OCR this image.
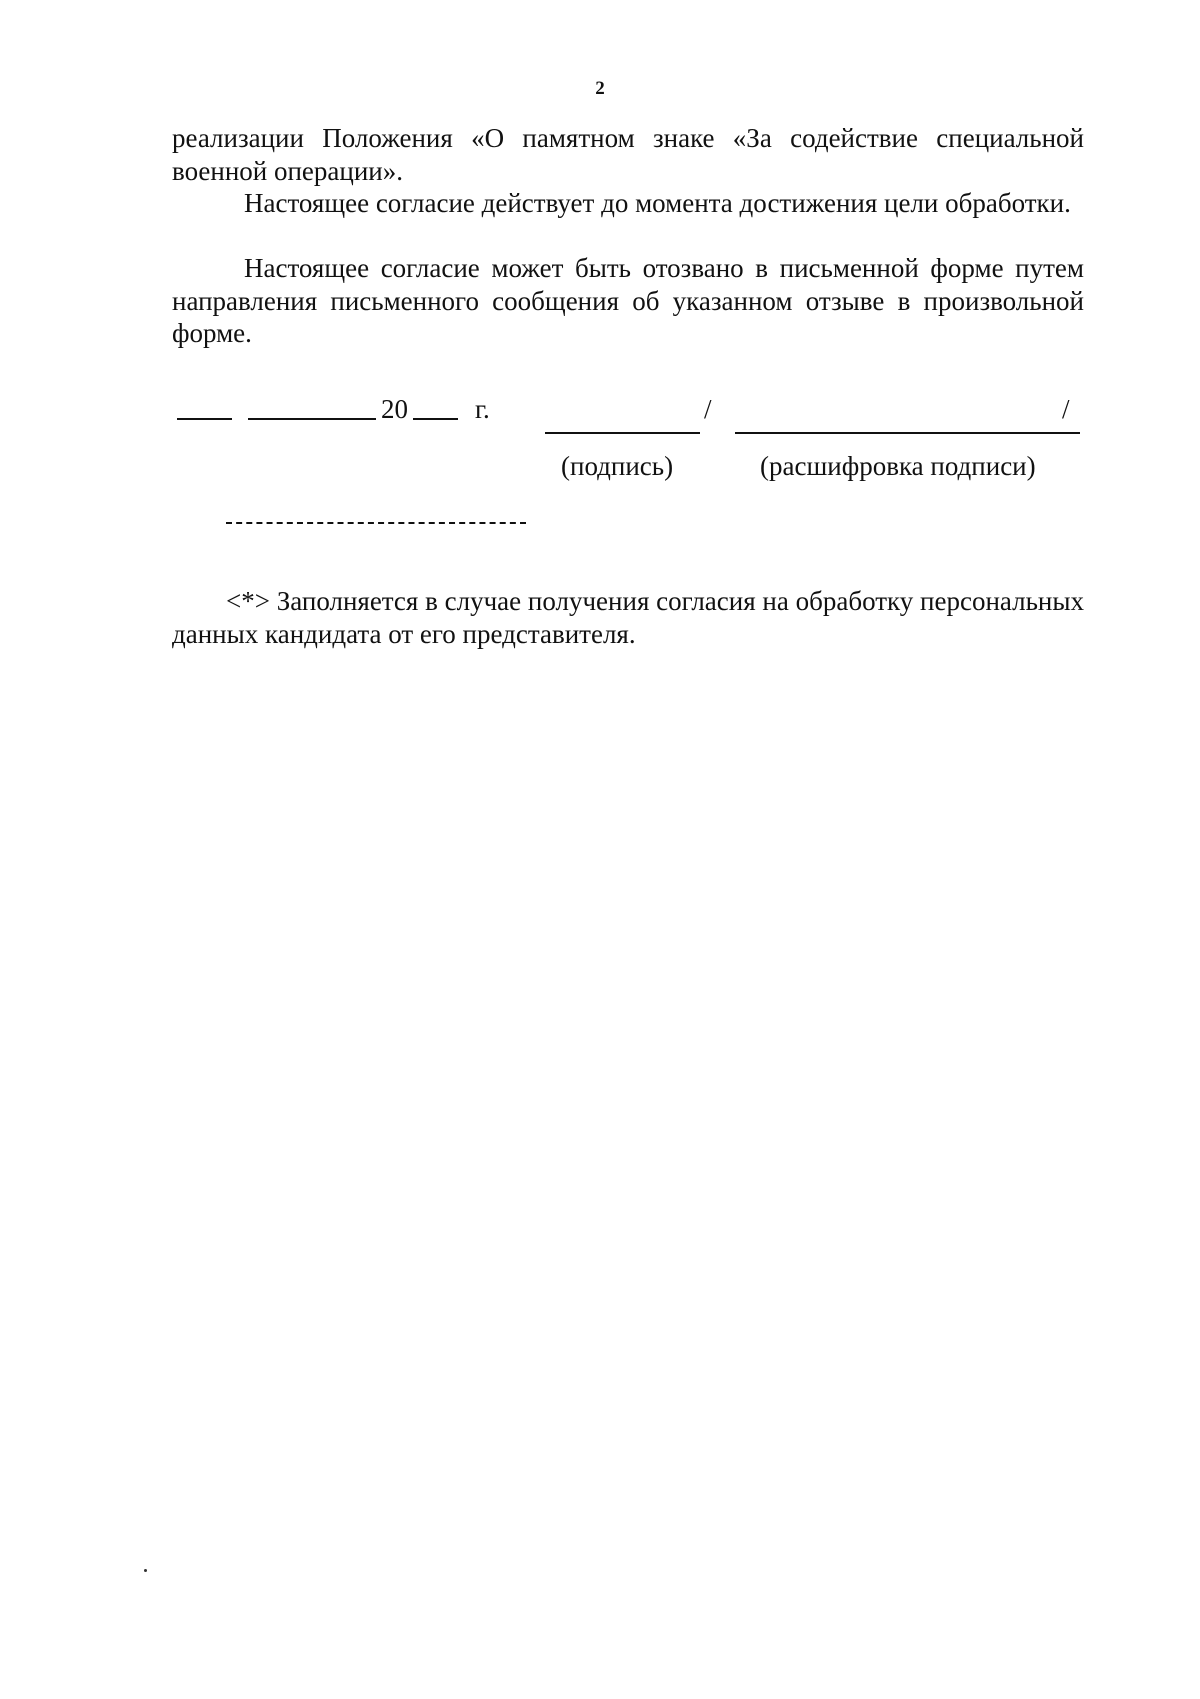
2

реализации Положения «О памятном знаке «За содействие специальной военной операции».

Настоящее согласие действует до момента достижения цели обработки.

Настоящее согласие может быть отозвано в письменной форме путем направления письменного сообщения об указанном отзыве в произвольной форме.

20 г.	/	/
(подпись)	(расшифровка подписи)

<*> Заполняется в случае получения согласия на обработку персональных данных кандидата от его представителя.
